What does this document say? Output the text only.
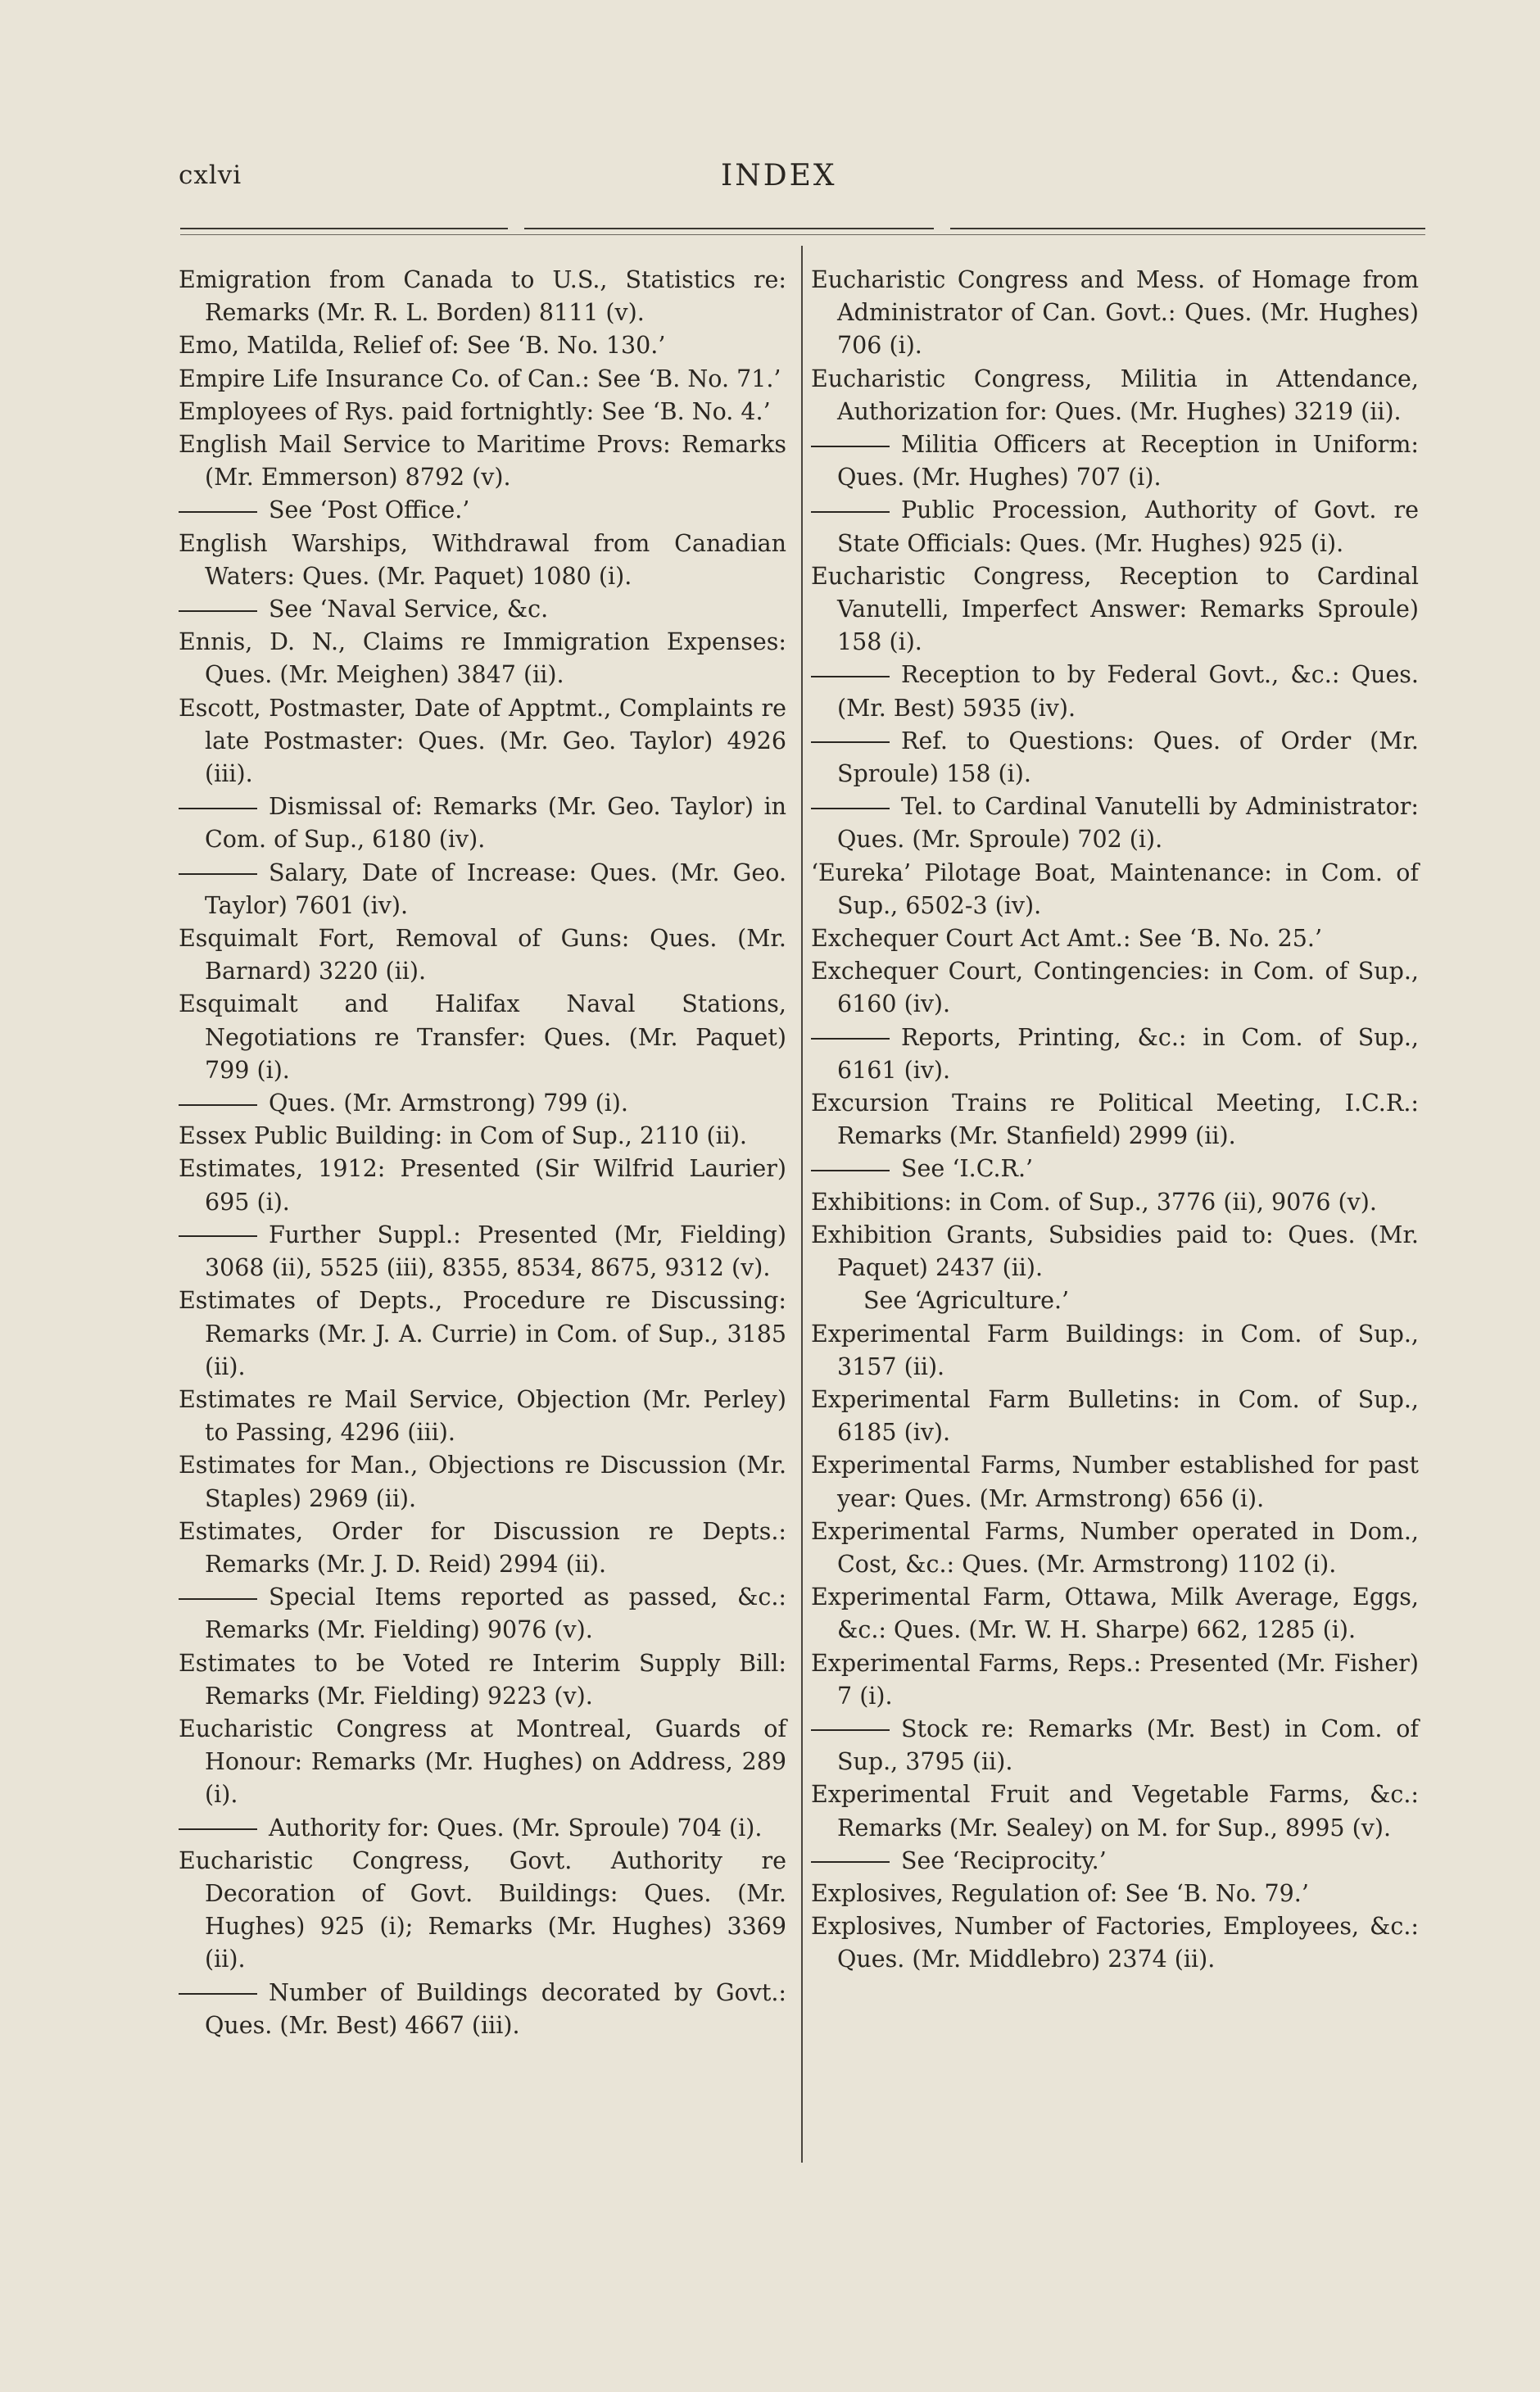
cxlvi	INDEX
Emigration from Canada to U.S., Statistics re: Remarks (Mr. R. L. Borden) 8111 (v).
Emo, Matilda, Relief of: See ‘B. No. 130.’
Empire Life Insurance Co. of Can.: See ‘B. No. 71.’
Employees of Rys. paid fortnightly: See ‘B. No. 4.’
English Mail Service to Maritime Provs: Remarks (Mr. Emmerson) 8792 (v).
See ‘Post Office.’
English Warships, Withdrawal from Canadian Waters: Ques. (Mr. Paquet) 1080 (i).
See ‘Naval Service, &c.
Ennis, D. N., Claims re Immigration Expenses: Ques. (Mr. Meighen) 3847 (ii).
Escott, Postmaster, Date of Apptmt., Complaints re late Postmaster: Ques. (Mr. Geo. Taylor) 4926 (iii).
Dismissal of: Remarks (Mr. Geo. Taylor) in Com. of Sup., 6180 (iv).
Salary, Date of Increase: Ques. (Mr. Geo. Taylor) 7601 (iv).
Esquimalt Fort, Removal of Guns: Ques. (Mr. Barnard) 3220 (ii).
Esquimalt and Halifax Naval Stations, Negotiations re Transfer: Ques. (Mr. Paquet) 799 (i).
Ques. (Mr. Armstrong) 799 (i).
Essex Public Building: in Com of Sup., 2110 (ii).
Estimates, 1912: Presented (Sir Wilfrid Laurier) 695 (i).
Further Suppl.: Presented (Mr, Fielding) 3068 (ii), 5525 (iii), 8355, 8534, 8675, 9312 (v).
Estimates of Depts., Procedure re Discussing: Remarks (Mr. J. A. Currie) in Com. of Sup., 3185 (ii).
Estimates re Mail Service, Objection (Mr. Perley) to Passing, 4296 (iii).
Estimates for Man., Objections re Discussion (Mr. Staples) 2969 (ii).
Estimates, Order for Discussion re Depts.: Remarks (Mr. J. D. Reid) 2994 (ii).
Special Items reported as passed, &c.: Remarks (Mr. Fielding) 9076 (v).
Estimates to be Voted re Interim Supply Bill: Remarks (Mr. Fielding) 9223 (v).
Eucharistic Congress at Montreal, Guards of Honour: Remarks (Mr. Hughes) on Address, 289 (i).
Authority for: Ques. (Mr. Sproule) 704 (i).
Eucharistic Congress, Govt. Authority re Decoration of Govt. Buildings: Ques. (Mr. Hughes) 925 (i); Remarks (Mr. Hughes) 3369 (ii).
Number of Buildings decorated by Govt.: Ques. (Mr. Best) 4667 (iii).
Eucharistic Congress and Mess. of Homage from Administrator of Can. Govt.: Ques. (Mr. Hughes) 706 (i).
Eucharistic Congress, Militia in Attendance, Authorization for: Ques. (Mr. Hughes) 3219 (ii).
Militia Officers at Reception in Uniform: Ques. (Mr. Hughes) 707 (i).
Public Procession, Authority of Govt. re State Officials: Ques. (Mr. Hughes) 925 (i).
Eucharistic Congress, Reception to Cardinal Vanutelli, Imperfect Answer: Remarks Sproule) 158 (i).
Reception to by Federal Govt., &c.: Ques. (Mr. Best) 5935 (iv).
Ref. to Questions: Ques. of Order (Mr. Sproule) 158 (i).
Tel. to Cardinal Vanutelli by Administrator: Ques. (Mr. Sproule) 702 (i).
‘Eureka’ Pilotage Boat, Maintenance: in Com. of Sup., 6502-3 (iv).
Exchequer Court Act Amt.: See ‘B. No. 25.’
Exchequer Court, Contingencies: in Com. of Sup., 6160 (iv).
Reports, Printing, &c.: in Com. of Sup., 6161 (iv).
Excursion Trains re Political Meeting, I.C.R.: Remarks (Mr. Stanfield) 2999 (ii).
See ‘I.C.R.’
Exhibitions: in Com. of Sup., 3776 (ii), 9076 (v).
Exhibition Grants, Subsidies paid to: Ques. (Mr. Paquet) 2437 (ii).
See ‘Agriculture.’
Experimental Farm Buildings: in Com. of Sup., 3157 (ii).
Experimental Farm Bulletins: in Com. of Sup., 6185 (iv).
Experimental Farms, Number established for past year: Ques. (Mr. Armstrong) 656 (i).
Experimental Farms, Number operated in Dom., Cost, &c.: Ques. (Mr. Armstrong) 1102 (i).
Experimental Farm, Ottawa, Milk Average, Eggs, &c.: Ques. (Mr. W. H. Sharpe) 662, 1285 (i).
Experimental Farms, Reps.: Presented (Mr. Fisher) 7 (i).
Stock re: Remarks (Mr. Best) in Com. of Sup., 3795 (ii).
Experimental Fruit and Vegetable Farms, &c.: Remarks (Mr. Sealey) on M. for Sup., 8995 (v).
See ‘Reciprocity.’
Explosives, Regulation of: See ‘B. No. 79.’
Explosives, Number of Factories, Employees, &c.: Ques. (Mr. Middlebro) 2374 (ii).
